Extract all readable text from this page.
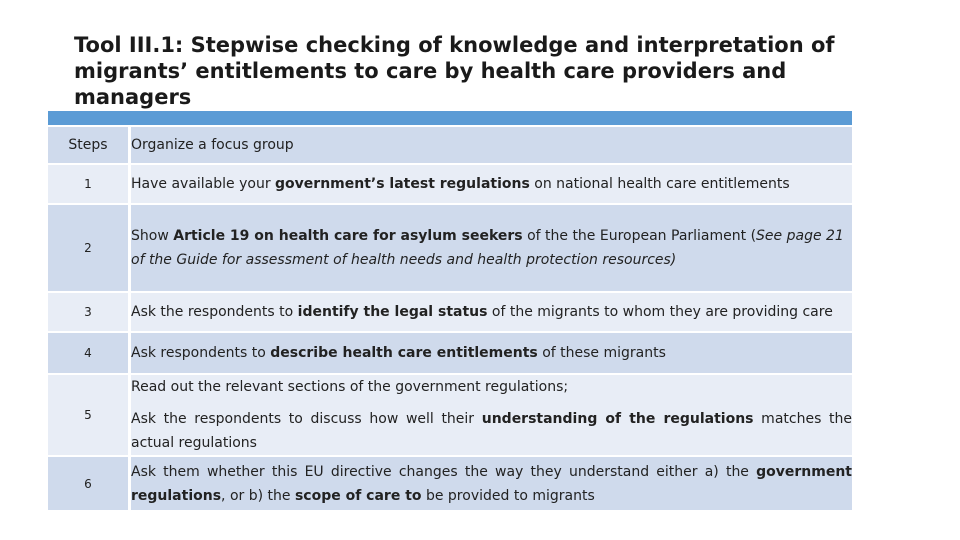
Tool III.1: Stepwise checking of knowledge and interpretation of migrants’ entitlements to care by health care providers and managers
Steps	Organize a focus group
1	Have available your government’s latest regulations on national health care entitlements
2	Show Article 19 on health care for asylum seekers of the the European Parliament (See page 21 of the Guide for assessment of health needs and health protection resources)
3	Ask the respondents to identify the legal status of the migrants to whom they are providing care
4	Ask respondents to describe health care entitlements of these migrants
5	Read out the relevant sections of the government regulations;
Ask the respondents to discuss how well their understanding of the regulations matches the actual regulations

6	Ask them whether this EU directive changes the way they understand either a) the government regulations, or b) the scope of care to be provided to migrants
